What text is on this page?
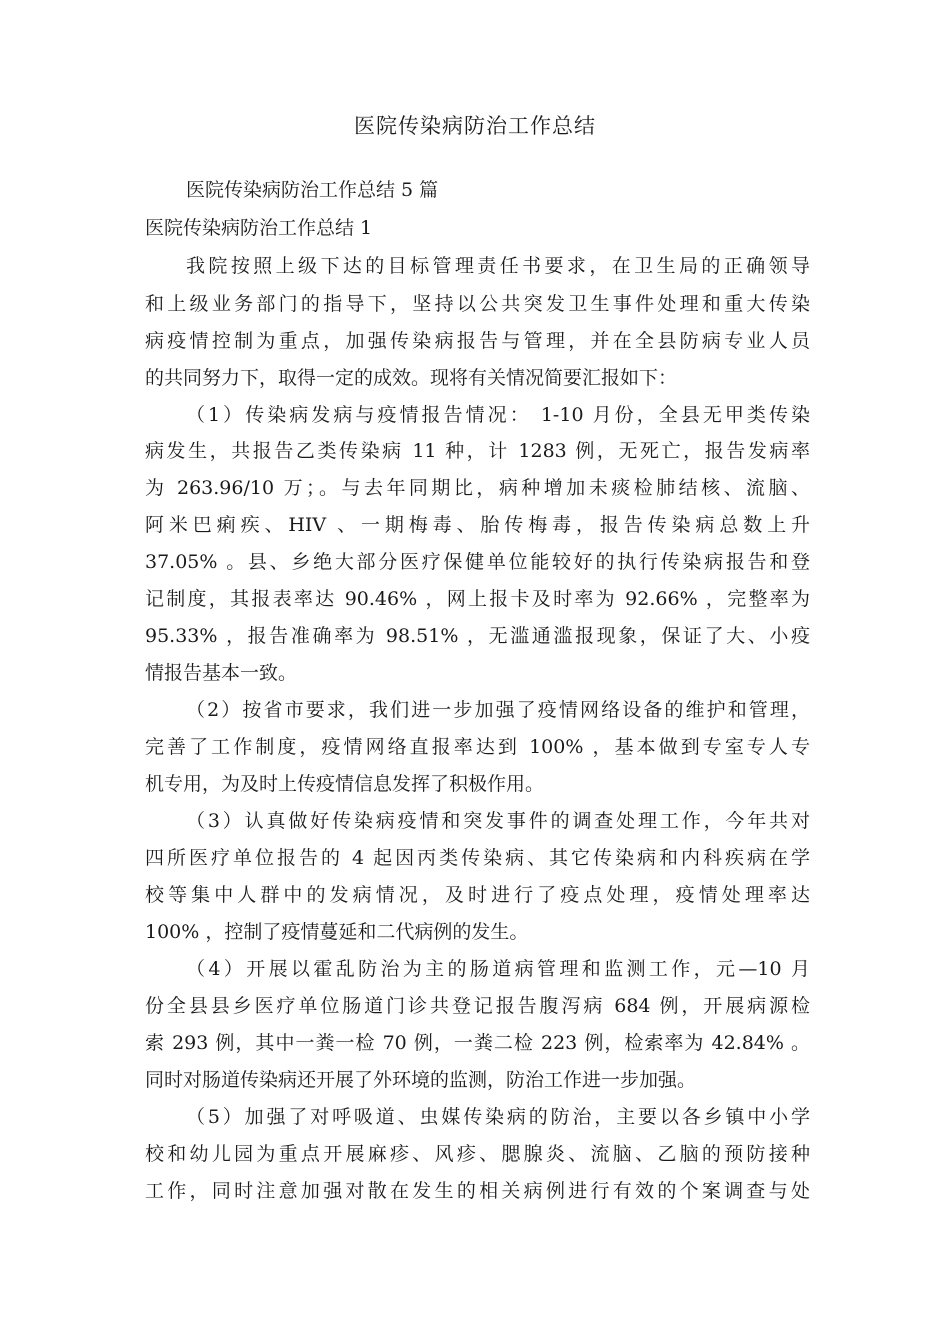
医院传染病防治工作总结
医院传染病防治工作总结 5 篇
医院传染病防治工作总结 1
我院按照上级下达的目标管理责任书要求，在卫生局的正确领导
和上级业务部门的指导下，坚持以公共突发卫生事件处理和重大传染
病疫情控制为重点，加强传染病报告与管理，并在全县防病专业人员
的共同努力下，取得一定的成效。现将有关情况简要汇报如下：
（1）传染病发病与疫情报告情况： 1-10 月份，全县无甲类传染
病发生，共报告乙类传染病 11 种，计 1283 例，无死亡，报告发病率
为 263.96/10 万；。与去年同期比，病种增加未痰检肺结核、流脑、
阿米巴痢疾、HIV 、一期梅毒、胎传梅毒，报告传染病总数上升
37.05% 。县、乡绝大部分医疗保健单位能较好的执行传染病报告和登
记制度，其报表率达 90.46% ，网上报卡及时率为 92.66% ，完整率为
95.33% ，报告准确率为 98.51% ，无滥通滥报现象，保证了大、小疫
情报告基本一致。
（2）按省市要求，我们进一步加强了疫情网络设备的维护和管理，
完善了工作制度，疫情网络直报率达到 100% ，基本做到专室专人专
机专用，为及时上传疫情信息发挥了积极作用。
（3）认真做好传染病疫情和突发事件的调查处理工作，今年共对
四所医疗单位报告的 4 起因丙类传染病、其它传染病和内科疾病在学
校等集中人群中的发病情况，及时进行了疫点处理，疫情处理率达
100% ，控制了疫情蔓延和二代病例的发生。
（4）开展以霍乱防治为主的肠道病管理和监测工作，元—10 月
份全县县乡医疗单位肠道门诊共登记报告腹泻病 684 例，开展病源检
索 293 例，其中一粪一检 70 例，一粪二检 223 例，检索率为 42.84% 。
同时对肠道传染病还开展了外环境的监测，防治工作进一步加强。
（5）加强了对呼吸道、虫媒传染病的防治，主要以各乡镇中小学
校和幼儿园为重点开展麻疹、风疹、腮腺炎、流脑、乙脑的预防接种
工作，同时注意加强对散在发生的相关病例进行有效的个案调查与处
